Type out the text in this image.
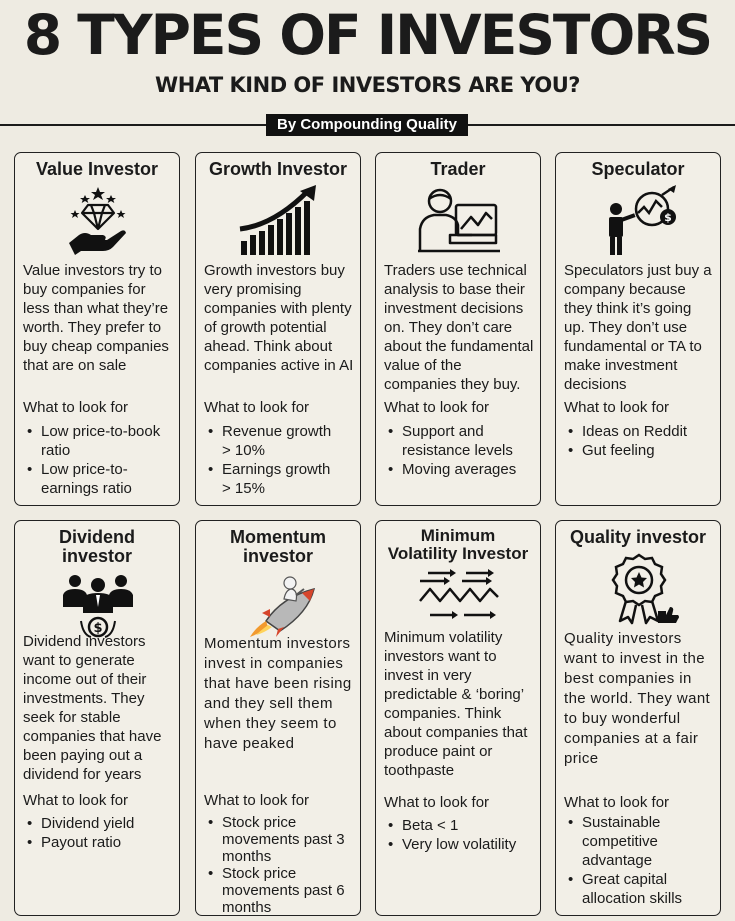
8 TYPES OF INVESTORS
WHAT KIND OF INVESTORS ARE YOU?
By Compounding Quality
Value Investor
Value investors try to buy companies for less than what they’re worth. They prefer to buy cheap companies that are on sale
What to look for
• Low price-to-book ratio
• Low price-to-earnings ratio
Growth Investor
Growth investors buy very promising companies with plenty of growth potential ahead. Think about companies active in AI
What to look for
• Revenue growth > 10%
• Earnings growth > 15%
Trader
Traders use technical analysis to base their investment decisions on. They don’t care about the fundamental value of the companies they buy.
What to look for
• Support and resistance levels
• Moving averages
Speculator
$
Speculators just buy a company because they think it’s going up. They don’t use fundamental or TA to make investment decisions
What to look for
• Ideas on Reddit
• Gut feeling
Dividend
investor
$
Dividend investors want to generate income out of their investments. They seek for stable companies that have been paying out a dividend for years
What to look for
• Dividend yield
• Payout ratio
Momentum
investor
Momentum investors invest in companies that have been rising and they sell them when they seem to have peaked
What to look for
• Stock price movements past 3 months
• Stock price movements past 6 months
Minimum
Volatility Investor
Minimum volatility investors want to invest in very predictable & ‘boring’ companies. Think about companies that produce paint or toothpaste
What to look for
• Beta < 1
• Very low volatility
Quality investor
Quality investors want to invest in the best companies in the world. They want to buy wonderful companies at a fair price
What to look for
• Sustainable competitive advantage
• Great capital allocation skills
